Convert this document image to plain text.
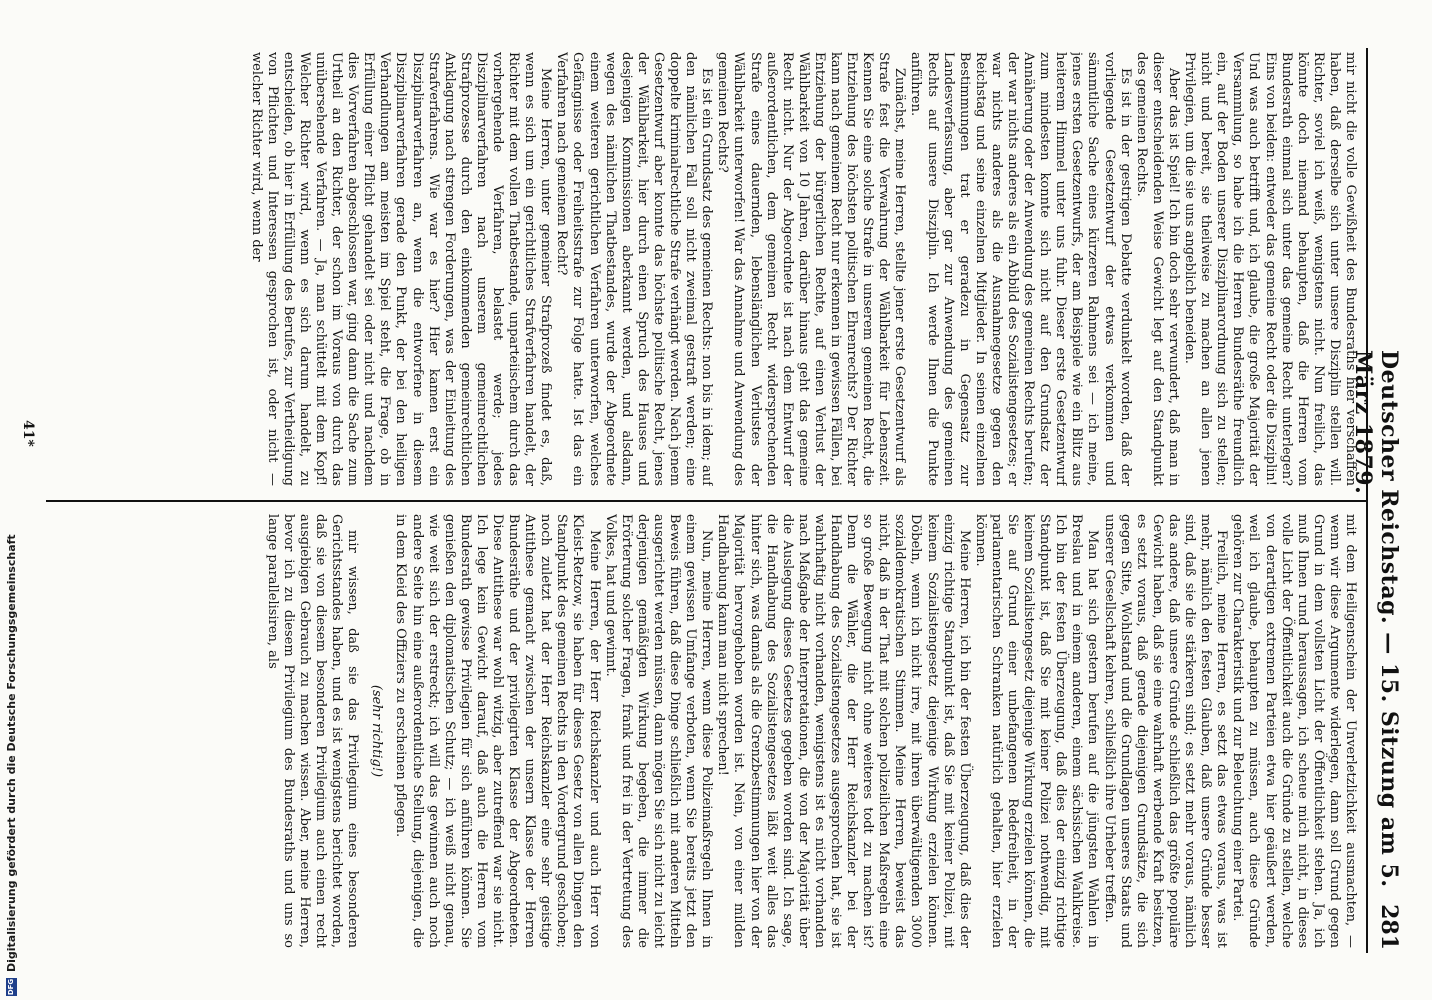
Deutscher Reichstag. — 15. Sitzung am 5. März 1879.
281

mir nicht die volle Gewißheit des Bundesraths hier verschaffen haben, daß derselbe sich unter unsere Disziplin stellen will. Richter, soviel ich weiß, wenigstens nicht. Nun freilich, das könnte doch niemand behaupten, daß die Herren vom Bundesrath einmal sich unter das gemeine Recht unterlegen? Eins von beiden: entweder das gemeine Recht oder die Disziplin! Und was auch betrifft und, ich glaube, die große Majorität der Versammlung, so habe ich die Herren Bundesräthe freundlich ein, auf der Boden unserer Disziplinarordnung sich zu stellen; nicht und bereit, sie theilweise zu machen an allen jenen Privilegien, um die sie uns angeblich beneiden.

Aber das ist Spiel! Ich bin doch sehr verwundert, daß man in dieser entscheidenden Weise Gewicht legt auf den Standpunkt des gemeinen Rechts.

Es ist in der gestrigen Debatte verdunkelt worden, daß der vorliegende Gesetzentwurf der etwas verkommen und sämmtliche Sache eines kürzeren Rahmens sei — ich meine, jenes ersten Gesetzentwurfs, der am Beispiele wie ein Blitz aus heiterem Himmel unter uns fuhr. Dieser erste Gesetzentwurf zum mindesten konnte sich nicht auf den Grundsatz der Annäherung oder der Anwendung des gemeinen Rechts berufen; der war nichts anderes als ein Abbild des Sozialistengesetzes; er war nichts anderes als die Ausnahmegesetze gegen den Reichstag und seine einzelnen Mitglieder. In seinen einzelnen Bestimmungen trat er geradezu in Gegensatz zur Landesverfassung, aber gar zur Anwendung des gemeinen Rechts auf unsere Disziplin. Ich werde Ihnen die Punkte anführen.

Zunächst, meine Herren, stellte jener erste Gesetzentwurf als Strafe fest die Verwahrung der Wählbarkeit für Lebenszeit. Kennen Sie eine solche Strafe in unserem gemeinen Recht, die Entziehung des höchsten politischen Ehrenrechts? Der Richter kann nach gemeinem Recht nur erkennen in gewissen Fällen, bei Entziehung der bürgerlichen Rechte, auf einen Verlust der Wählbarkeit von 10 Jahren, darüber hinaus geht das gemeine Recht nicht. Nur der Abgeordnete ist nach dem Entwurf der außerordentlichen, dem gemeinen Recht widersprechenden Strafe eines dauernden, lebenslänglichen Verlustes der Wählbarkeit unterworfen! War das Annahme und Anwendung des gemeinen Rechts?

Es ist ein Grundsatz des gemeinen Rechts: non bis in idem; auf den nämlichen Fall soll nicht zweimal gestraft werden; eine doppelte kriminalrechtliche Strafe verhängt werden. Nach jenem Gesetzentwurf aber konnte das höchste politische Recht, jenes der Wählbarkeit, hier durch einen Spruch des Hauses und desjenigen Kommissionen aberkannt werden, und alsdann, wegen des nämlichen Thatbestandes, wurde der Abgeordnete einem weiteren gerichtlichen Verfahren unterworfen, welches Gefängnisse oder Freiheitsstrafe zur Folge hatte. Ist das ein Verfahren nach gemeinem Recht?

Meine Herren, unter gemeiner Strafprozeß findet es, daß, wenn es sich um ein gerichtliches Strafverfahren handelt, der Richter mit dem vollen Thatbestande, unparteiischem durch das vorhergehende Verfahren, belastet werde; jedes Disziplinarverfahren nach unserem gemeinrechtlichen Strafprozesse durch den einkommenden gemeinrechtlichen Anklagung nach strengen Forderungen, was der Einleitung des Strafverfahrens. Wie war es hier? Hier kamen erst ein Disziplinarverfahren an, wenn die entworfene in diesem Disziplinarverfahren gerade den Punkt, der bei den heiligen Verhandlungen am meisten im Spiel steht, die Frage, ob in Erfüllung einer Pflicht gehandelt sei oder nicht und nachdem dies Vorverfahren abgeschlossen war, ging dann die Sache zum Urtheil an den Richter, der schon im Voraus von durch das unübersehende Verfahren. — Ja, man schüttelt mit dem Kopf! Welcher Richter wird, wenn es sich darum handelt, zu entscheiden, ob hier in Erfüllung des Berufes, zur Vertheidigung von Pflichten und Interessen gesprochen ist, oder nicht — welcher Richter wird, wenn der

mit dem Heiligenschein der Unverletzlichkeit ausmachten, — wenn wir diese Argumente widerlegen, dann soll Grund gegen Grund in dem vollsten Licht der Öffentlichkeit stehen. Ja, ich muß Ihnen rund heraussagen, ich scheue mich nicht, in dieses volle Licht der Öffentlichkeit auch die Gründe zu stellen, welche von derartigen extremen Parteien etwa hier geäußert werden, weil ich glaube, behaupten zu müssen, auch diese Gründe gehören zur Charakteristik und zur Beleuchtung einer Partei.

Freilich, meine Herren, es setzt das etwas voraus, was ist mehr, nämlich den festen Glauben, daß unsere Gründe besser sind, daß sie die stärkeren sind; es setzt mehr voraus, nämlich das andere, daß unsere Gründe schließlich das größte populäre Gewicht haben, daß sie eine wahrhaft werbende Kraft besitzen, es setzt voraus, daß gerade diejenigen Grundsätze, die sich gegen Sitte, Wohlstand und die Grundlagen unseres Staats und unserer Gesellschaft kehren, schließlich ihre Urheber treffen.

Man hat sich gestern berufen auf die jüngsten Wahlen in Breslau und in einem anderen, einem sächsischen Wahlkreise. Ich bin der festen Überzeugung, daß dies der einzig richtige Standpunkt ist, daß Sie mit keiner Polizei nothwendig, mit keinem Sozialistengesetz diejenige Wirkung erzielen können, die Sie auf Grund einer unbefangenen Redefreiheit, in der parlamentarischen Schranken natürlich gehalten, hier erzielen können.

Meine Herren, ich bin der festen Überzeugung, daß dies der einzig richtige Standpunkt ist, daß Sie mit keiner Polizei, mit keinem Sozialistengesetz diejenige Wirkung erzielen können. Döbeln, wenn ich nicht irre, mit ihren überwältigenden 3000 sozialdemokratischen Stimmen. Meine Herren, beweist das nicht, daß in der That mit solchen polizeilichen Maßregeln eine so große Bewegung nicht ohne weiteres todt zu machen ist? Denn die Wähler, die der Herr Reichskanzler bei der Handhabung des Sozialistengesetzes ausgesprochen hat, sie ist wahrhaftig nicht vorhanden, wenigstens ist es nicht vorhanden nach Maßgabe der Interpretationen, die von der Majorität über die Auslegung dieses Gesetzes gegeben worden sind. Ich sage, die Handhabung des Sozialistengesetzes läßt weit alles das hinter sich, was damals als die Grenzbestimmungen hier von der Majorität hervorgehoben worden ist. Nein, von einer milden Handhabung kann man nicht sprechen!

Nun, meine Herren, wenn diese Polizeimaßregeln Ihnen in einem gewissen Umfange verboten, wenn Sie bereits jetzt den Beweis führen, daß diese Dinge schließlich mit anderen Mitteln ausgerichtet werden müssen, dann mögen Sie sich nicht zu leicht derjenigen gemäßigten Wirkung begeben, die immer die Erörterung solcher Fragen, frank und frei in der Vertretung des Volkes, hat und gewinnt.

Meine Herren, der Herr Reichskanzler und auch Herr von Kleist-Retzow, sie haben für dieses Gesetz von allen Dingen den Standpunkt des gemeinen Rechts in den Vordergrund geschoben; noch zuletzt hat der Herr Reichskanzler eine sehr geistige Antithese gemacht zwischen der unsern Klasse der Herren Bundesräthe und der privilegirten Klasse der Abgeordneten. Diese Antithese war wohl witzig, aber zutreffend war sie nicht. Ich lege kein Gewicht darauf, daß auch die Herren vom Bundesrath gewisse Privilegien für sich anführen können. Sie genießen den diplomatischen Schutz; — ich weiß nicht genau, wie weit sich der erstreckt; ich will das gewinnen auch noch andere Seite hin eine außerordentliche Stellung, diejenigen, die in dem Kleid des Offiziers zu erscheinen pflegen.

(sehr richtig!)

mir wissen, daß sie das Privilegium eines besonderen Gerichtsstandes haben, und es ist wenigstens berichtet worden, daß sie von diesem besonderen Privilegium auch einen recht ausgiebigen Gebrauch zu machen wissen. Aber, meine Herren, bevor ich zu diesem Privilegium des Bundesraths und uns so lange parallelisiren, als

41*
DFG
Digitalisierung gefördert durch die Deutsche Forschungsgemeinschaft
